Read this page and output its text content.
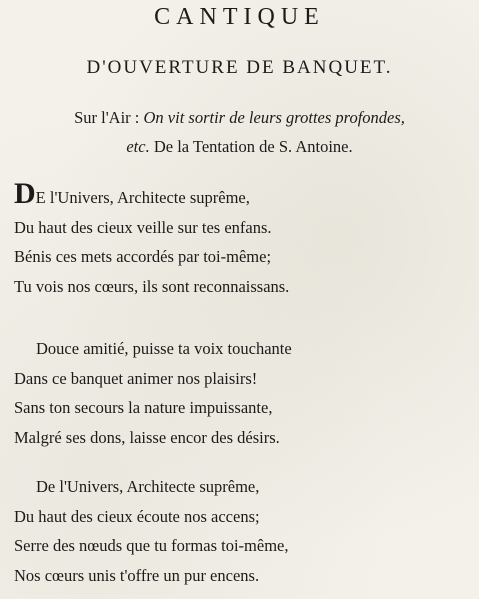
CANTIQUE
D'OUVERTURE DE BANQUET.
Sur l'Air : On vit sortir de leurs grottes profondes,
etc. De la Tentation de S. Antoine.
DE l'Univers, Architecte suprême,
Du haut des cieux veille sur tes enfans.
Bénis ces mets accordés par toi-même;
Tu vois nos cœurs, ils sont reconnaissans.
Douce amitié, puisse ta voix touchante
Dans ce banquet animer nos plaisirs!
Sans ton secours la nature impuissante,
Malgré ses dons, laisse encor des désirs.
De l'Univers, Architecte suprême,
Du haut des cieux écoute nos accens;
Serre des nœuds que tu formas toi-même,
Nos cœurs unis t'offre un pur encens.
